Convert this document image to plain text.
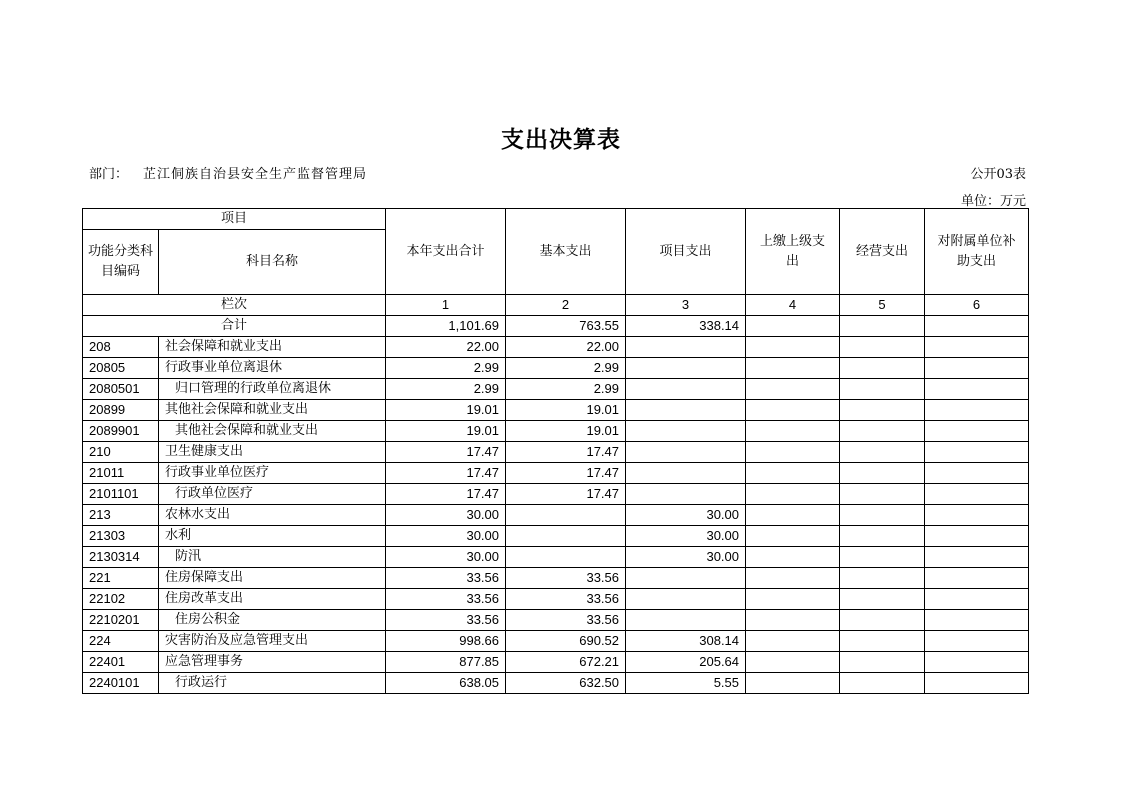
支出决算表
部门： 芷江侗族自治县安全生产监督管理局	公开03表
单位：万元
项目		本年支出合计	基本支出	项目支出	上缴上级支出	经营支出	对附属单位补助支出
功能分类科目编码	科目名称						
栏次		1	2	3	4	5	6
合计		1,101.69	763.55	338.14			
208	社会保障和就业支出	22.00	22.00				
20805	行政事业单位离退休	2.99	2.99				
2080501	归口管理的行政单位离退休	2.99	2.99				
20899	其他社会保障和就业支出	19.01	19.01				
2089901	其他社会保障和就业支出	19.01	19.01				
210	卫生健康支出	17.47	17.47				
21011	行政事业单位医疗	17.47	17.47				
2101101	行政单位医疗	17.47	17.47				
213	农林水支出	30.00		30.00			
21303	水利	30.00		30.00			
2130314	防汛	30.00		30.00			
221	住房保障支出	33.56	33.56				
22102	住房改革支出	33.56	33.56				
2210201	住房公积金	33.56	33.56				
224	灾害防治及应急管理支出	998.66	690.52	308.14			
22401	应急管理事务	877.85	672.21	205.64			
2240101	行政运行	638.05	632.50	5.55			
